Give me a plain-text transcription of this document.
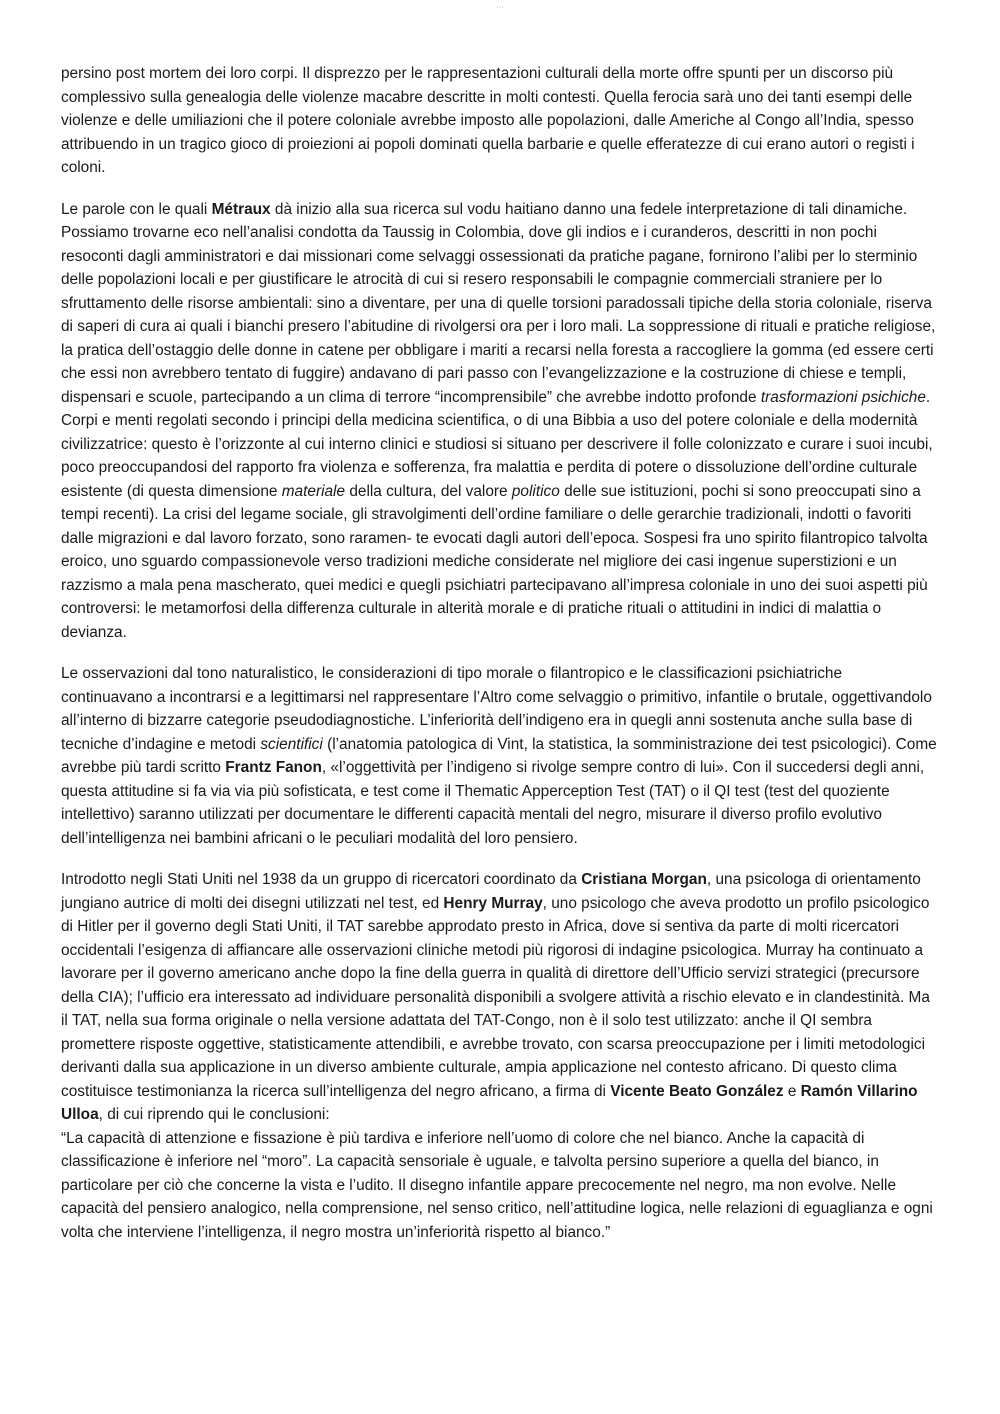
• • •

persino post mortem dei loro corpi. Il disprezzo per le rappresentazioni culturali della morte offre spunti per un discorso più complessivo sulla genealogia delle violenze macabre descritte in molti contesti. Quella ferocia sarà uno dei tanti esempi delle violenze e delle umiliazioni che il potere coloniale avrebbe imposto alle popolazioni, dalle Americhe al Congo all’India, spesso attribuendo in un tragico gioco di proiezioni ai popoli dominati quella barbarie e quelle efferatezze di cui erano autori o registi i coloni.

Le parole con le quali Métraux dà inizio alla sua ricerca sul vodu haitiano danno una fedele interpretazione di tali dinamiche. Possiamo trovarne eco nell’analisi condotta da Taussig in Colombia, dove gli indios e i curanderos, descritti in non pochi resoconti dagli amministratori e dai missionari come selvaggi ossessionati da pratiche pagane, fornirono l’alibi per lo sterminio delle popolazioni locali e per giustificare le atrocità di cui si resero responsabili le compagnie commerciali straniere per lo sfruttamento delle risorse ambientali: sino a diventare, per una di quelle torsioni paradossali tipiche della storia coloniale, riserva di saperi di cura ai quali i bianchi presero l’abitudine di rivolgersi ora per i loro mali. La soppressione di rituali e pratiche religiose, la pratica dell’ostaggio delle donne in catene per obbligare i mariti a recarsi nella foresta a raccogliere la gomma (ed essere certi che essi non avrebbero tentato di fuggire) andavano di pari passo con l’evangelizzazione e la costruzione di chiese e templi, dispensari e scuole, partecipando a un clima di terrore “incomprensibile” che avrebbe indotto profonde trasformazioni psichiche. Corpi e menti regolati secondo i principi della medicina scientifica, o di una Bibbia a uso del potere coloniale e della modernità civilizzatrice: questo è l’orizzonte al cui interno clinici e studiosi si situano per descrivere il folle colonizzato e curare i suoi incubi, poco preoccupandosi del rapporto fra violenza e sofferenza, fra malattia e perdita di potere o dissoluzione dell’ordine culturale esistente (di questa dimensione materiale della cultura, del valore politico delle sue istituzioni, pochi si sono preoccupati sino a tempi recenti). La crisi del legame sociale, gli stravolgimenti dell’ordine familiare o delle gerarchie tradizionali, indotti o favoriti dalle migrazioni e dal lavoro forzato, sono raramen- te evocati dagli autori dell’epoca. Sospesi fra uno spirito filantropico talvolta eroico, uno sguardo compassionevole verso tradizioni mediche considerate nel migliore dei casi ingenue superstizioni e un razzismo a mala pena mascherato, quei medici e quegli psichiatri partecipavano all’impresa coloniale in uno dei suoi aspetti più controversi: le metamorfosi della differenza culturale in alterità morale e di pratiche rituali o attitudini in indici di malattia o devianza.

Le osservazioni dal tono naturalistico, le considerazioni di tipo morale o filantropico e le classificazioni psichiatriche continuavano a incontrarsi e a legittimarsi nel rappresentare l’Altro come selvaggio o primitivo, infantile o brutale, oggettivandolo all’interno di bizzarre categorie pseudodiagnostiche. L’inferiorità dell’indigeno era in quegli anni sostenuta anche sulla base di tecniche d’indagine e metodi scientifici (l’anatomia patologica di Vint, la statistica, la somministrazione dei test psicologici). Come avrebbe più tardi scritto Frantz Fanon, «l’oggettività per l’indigeno si rivolge sempre contro di lui». Con il succedersi degli anni, questa attitudine si fa via via più sofisticata, e test come il Thematic Apperception Test (TAT) o il QI test (test del quoziente intellettivo) saranno utilizzati per documentare le differenti capacità mentali del negro, misurare il diverso profilo evolutivo dell’intelligenza nei bambini africani o le peculiari modalità del loro pensiero.

Introdotto negli Stati Uniti nel 1938 da un gruppo di ricercatori coordinato da Cristiana Morgan, una psicologa di orientamento jungiano autrice di molti dei disegni utilizzati nel test, ed Henry Murray, uno psicologo che aveva prodotto un profilo psicologico di Hitler per il governo degli Stati Uniti, il TAT sarebbe approdato presto in Africa, dove si sentiva da parte di molti ricercatori occidentali l’esigenza di affiancare alle osservazioni cliniche metodi più rigorosi di indagine psicologica. Murray ha continuato a lavorare per il governo americano anche dopo la fine della guerra in qualità di direttore dell’Ufficio servizi strategici (precursore della CIA); l’ufficio era interessato ad individuare personalità disponibili a svolgere attività a rischio elevato e in clandestinità. Ma il TAT, nella sua forma originale o nella versione adattata del TAT-Congo, non è il solo test utilizzato: anche il QI sembra promettere risposte oggettive, statisticamente attendibili, e avrebbe trovato, con scarsa preoccupazione per i limiti metodologici derivanti dalla sua applicazione in un diverso ambiente culturale, ampia applicazione nel contesto africano. Di questo clima costituisce testimonianza la ricerca sull’intelligenza del negro africano, a firma di Vicente Beato González e Ramón Villarino Ulloa, di cui riprendo qui le conclusioni:
“La capacità di attenzione e fissazione è più tardiva e inferiore nell’uomo di colore che nel bianco. Anche la capacità di classificazione è inferiore nel “moro”. La capacità sensoriale è uguale, e talvolta persino superiore a quella del bianco, in particolare per ciò che concerne la vista e l’udito. Il disegno infantile appare precocemente nel negro, ma non evolve. Nelle capacità del pensiero analogico, nella comprensione, nel senso critico, nell’attitudine logica, nelle relazioni di eguaglianza e ogni volta che interviene l’intelligenza, il negro mostra un’inferiorità rispetto al bianco.”
